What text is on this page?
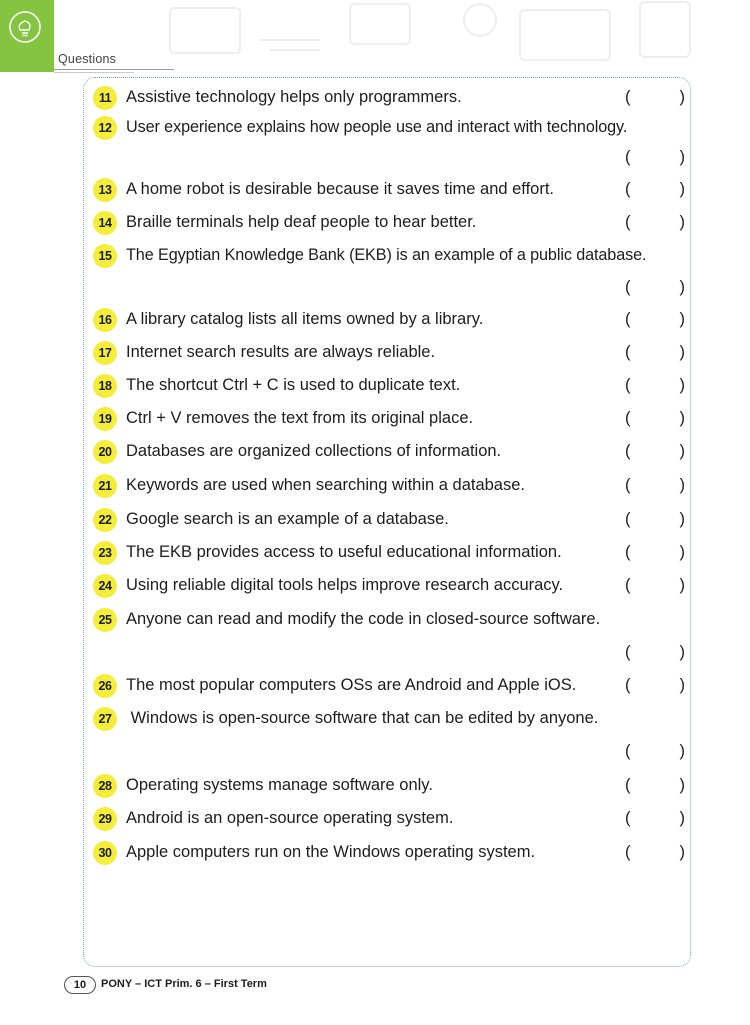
Questions
11 Assistive technology helps only programmers.	(	)
12 User experience explains how people use and interact with technology.
(	)
13 A home robot is desirable because it saves time and effort.	(	)
14 Braille terminals help deaf people to hear better.	(	)
15 The Egyptian Knowledge Bank (EKB) is an example of a public database.
(	)
16 A library catalog lists all items owned by a library.	(	)
17 Internet search results are always reliable.	(	)
18 The shortcut Ctrl + C is used to duplicate text.	(	)
19 Ctrl + V removes the text from its original place.	(	)
20 Databases are organized collections of information.	(	)
21 Keywords are used when searching within a database.	(	)
22 Google search is an example of a database.	(	)
23 The EKB provides access to useful educational information.	(	)
24 Using reliable digital tools helps improve research accuracy.	(	)
25 Anyone can read and modify the code in closed-source software.
(	)
26 The most popular computers OSs are Android and Apple iOS.	(	)
27 Windows is open-source software that can be edited by anyone.
(	)
28 Operating systems manage software only.	(	)
29 Android is an open-source operating system.	(	)
30 Apple computers run on the Windows operating system.	(	)
10	PONY – ICT Prim. 6 – First Term
